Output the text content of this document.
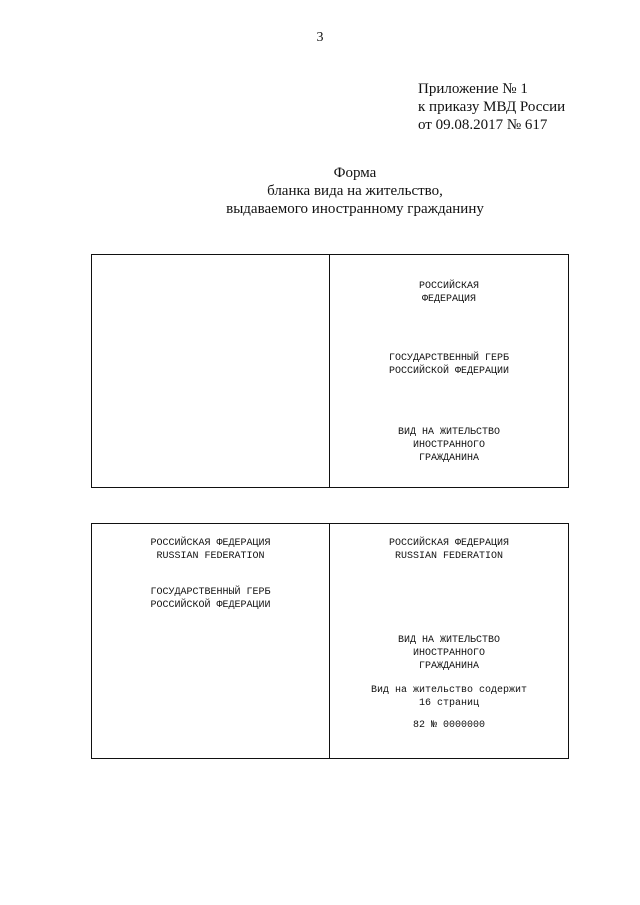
3
Приложение № 1
к приказу МВД России
от 09.08.2017 № 617
Форма
бланка вида на жительство,
выдаваемого иностранному гражданину
РОССИЙСКАЯ
ФЕДЕРАЦИЯ
ГОСУДАРСТВЕННЫЙ ГЕРБ
РОССИЙСКОЙ ФЕДЕРАЦИИ
ВИД НА ЖИТЕЛЬСТВО
ИНОСТРАННОГО
ГРАЖДАНИНА
РОССИЙСКАЯ ФЕДЕРАЦИЯ
RUSSIAN FEDERATION
ГОСУДАРСТВЕННЫЙ ГЕРБ
РОССИЙСКОЙ ФЕДЕРАЦИИ
РОССИЙСКАЯ ФЕДЕРАЦИЯ
RUSSIAN FEDERATION
ВИД НА ЖИТЕЛЬСТВО
ИНОСТРАННОГО
ГРАЖДАНИНА
Вид на жительство содержит
16 страниц
82 № 0000000
